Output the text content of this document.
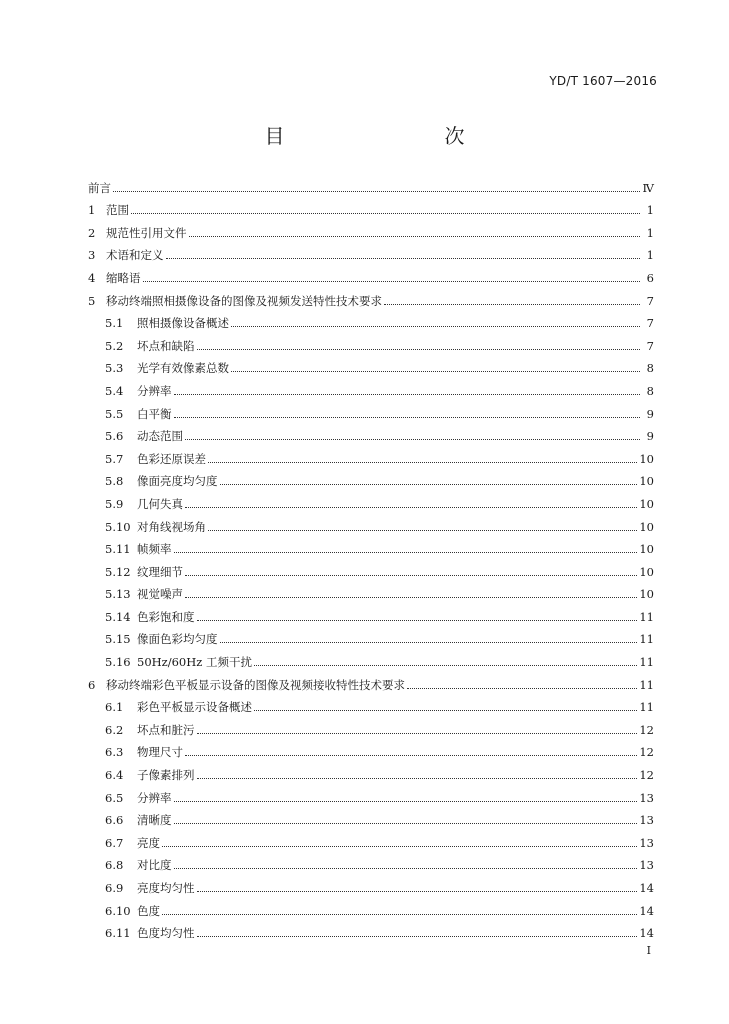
YD/T 1607—2016
目　　次
前言	Ⅳ
1 范围	1
2 规范性引用文件	1
3 术语和定义	1
4 缩略语	6
5 移动终端照相摄像设备的图像及视频发送特性技术要求	7
5.1	照相摄像设备概述	7
5.2	坏点和缺陷	7
5.3	光学有效像素总数	8
5.4	分辨率	8
5.5	白平衡	9
5.6	动态范围	9
5.7	色彩还原误差	10
5.8	像面亮度均匀度	10
5.9	几何失真	10
5.10 对角线视场角	10
5.11 帧频率	10
5.12 纹理细节	10
5.13 视觉噪声	10
5.14 色彩饱和度	11
5.15 像面色彩均匀度	11
5.16 50Hz/60Hz 工频干扰	11
6 移动终端彩色平板显示设备的图像及视频接收特性技术要求	11
6.1	彩色平板显示设备概述	11
6.2	坏点和脏污	12
6.3	物理尺寸	12
6.4	子像素排列	12
6.5	分辨率	13
6.6	清晰度	13
6.7	亮度	13
6.8	对比度	13
6.9	亮度均匀性	14
6.10 色度	14
6.11 色度均匀性	14
I
